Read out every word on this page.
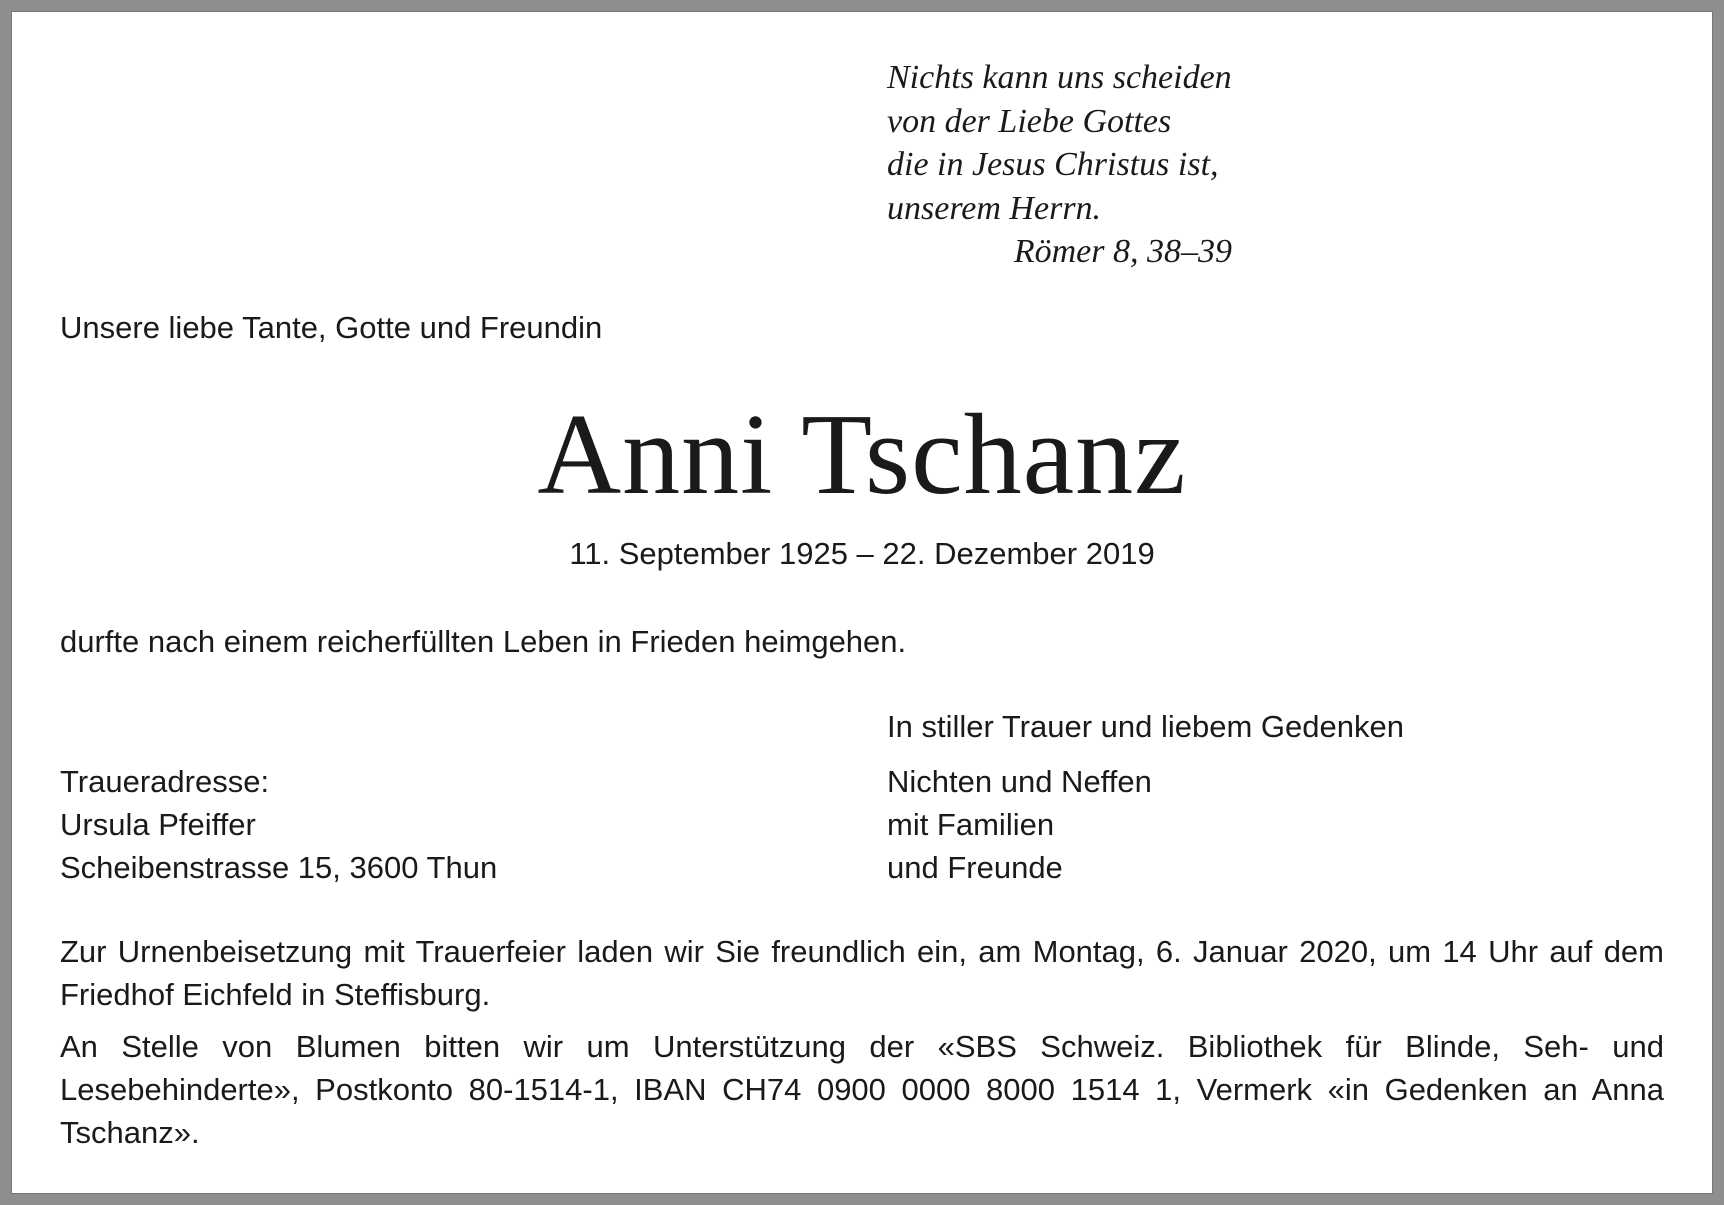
Nichts kann uns scheiden
von der Liebe Gottes
die in Jesus Christus ist,
unserem Herrn.
Römer 8, 38–39
Unsere liebe Tante, Gotte und Freundin
Anni Tschanz
11. September 1925 – 22. Dezember 2019
durfte nach einem reicherfüllten Leben in Frieden heimgehen.
In stiller Trauer und liebem Gedenken
Traueradresse:
Ursula Pfeiffer
Scheibenstrasse 15, 3600 Thun
Nichten und Neffen
mit Familien
und Freunde
Zur Urnenbeisetzung mit Trauerfeier laden wir Sie freundlich ein, am Montag, 6. Januar 2020, um 14 Uhr auf dem Friedhof Eichfeld in Steffisburg.
An Stelle von Blumen bitten wir um Unterstützung der «SBS Schweiz. Bibliothek für Blinde, Seh- und Lesebehinderte», Postkonto 80-1514-1, IBAN CH74 0900 0000 8000 1514 1, Vermerk «in Gedenken an Anna Tschanz».
